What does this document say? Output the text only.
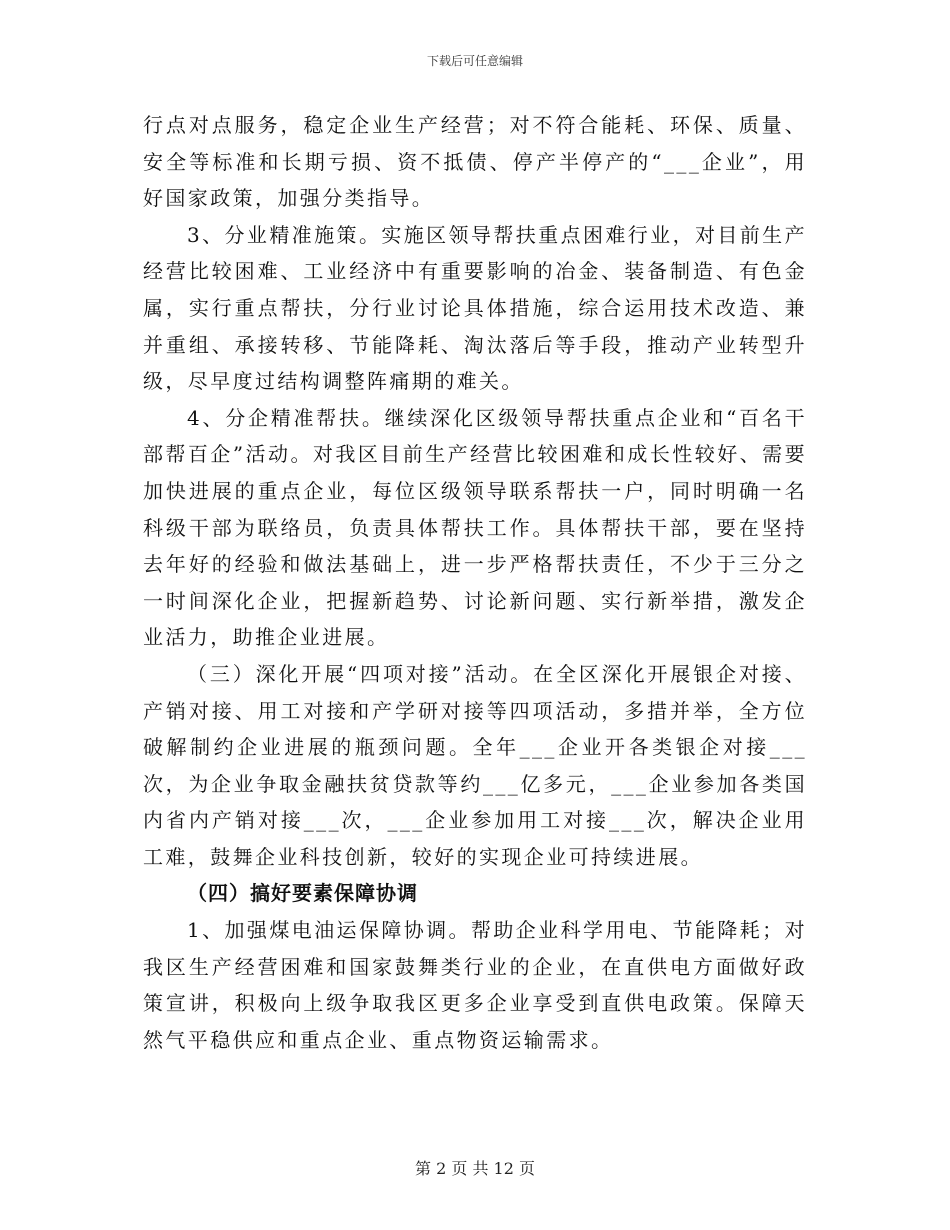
下载后可任意编辑

行点对点服务，稳定企业生产经营；对不符合能耗、环保、质量、安全等标准和长期亏损、资不抵债、停产半停产的“___企业”，用好国家政策，加强分类指导。

3、分业精准施策。实施区领导帮扶重点困难行业，对目前生产经营比较困难、工业经济中有重要影响的冶金、装备制造、有色金属，实行重点帮扶，分行业讨论具体措施，综合运用技术改造、兼并重组、承接转移、节能降耗、淘汰落后等手段，推动产业转型升级，尽早度过结构调整阵痛期的难关。

4、分企精准帮扶。继续深化区级领导帮扶重点企业和“百名干部帮百企”活动。对我区目前生产经营比较困难和成长性较好、需要加快进展的重点企业，每位区级领导联系帮扶一户，同时明确一名科级干部为联络员，负责具体帮扶工作。具体帮扶干部，要在坚持去年好的经验和做法基础上，进一步严格帮扶责任，不少于三分之一时间深化企业，把握新趋势、讨论新问题、实行新举措，激发企业活力，助推企业进展。

（三）深化开展“四项对接”活动。在全区深化开展银企对接、产销对接、用工对接和产学研对接等四项活动，多措并举，全方位破解制约企业进展的瓶颈问题。全年___企业开各类银企对接___次，为企业争取金融扶贫贷款等约___亿多元，___企业参加各类国内省内产销对接___次，___企业参加用工对接___次，解决企业用工难，鼓舞企业科技创新，较好的实现企业可持续进展。

（四）搞好要素保障协调

1、加强煤电油运保障协调。帮助企业科学用电、节能降耗；对我区生产经营困难和国家鼓舞类行业的企业，在直供电方面做好政策宣讲，积极向上级争取我区更多企业享受到直供电政策。保障天然气平稳供应和重点企业、重点物资运输需求。

第 2 页 共 12 页
